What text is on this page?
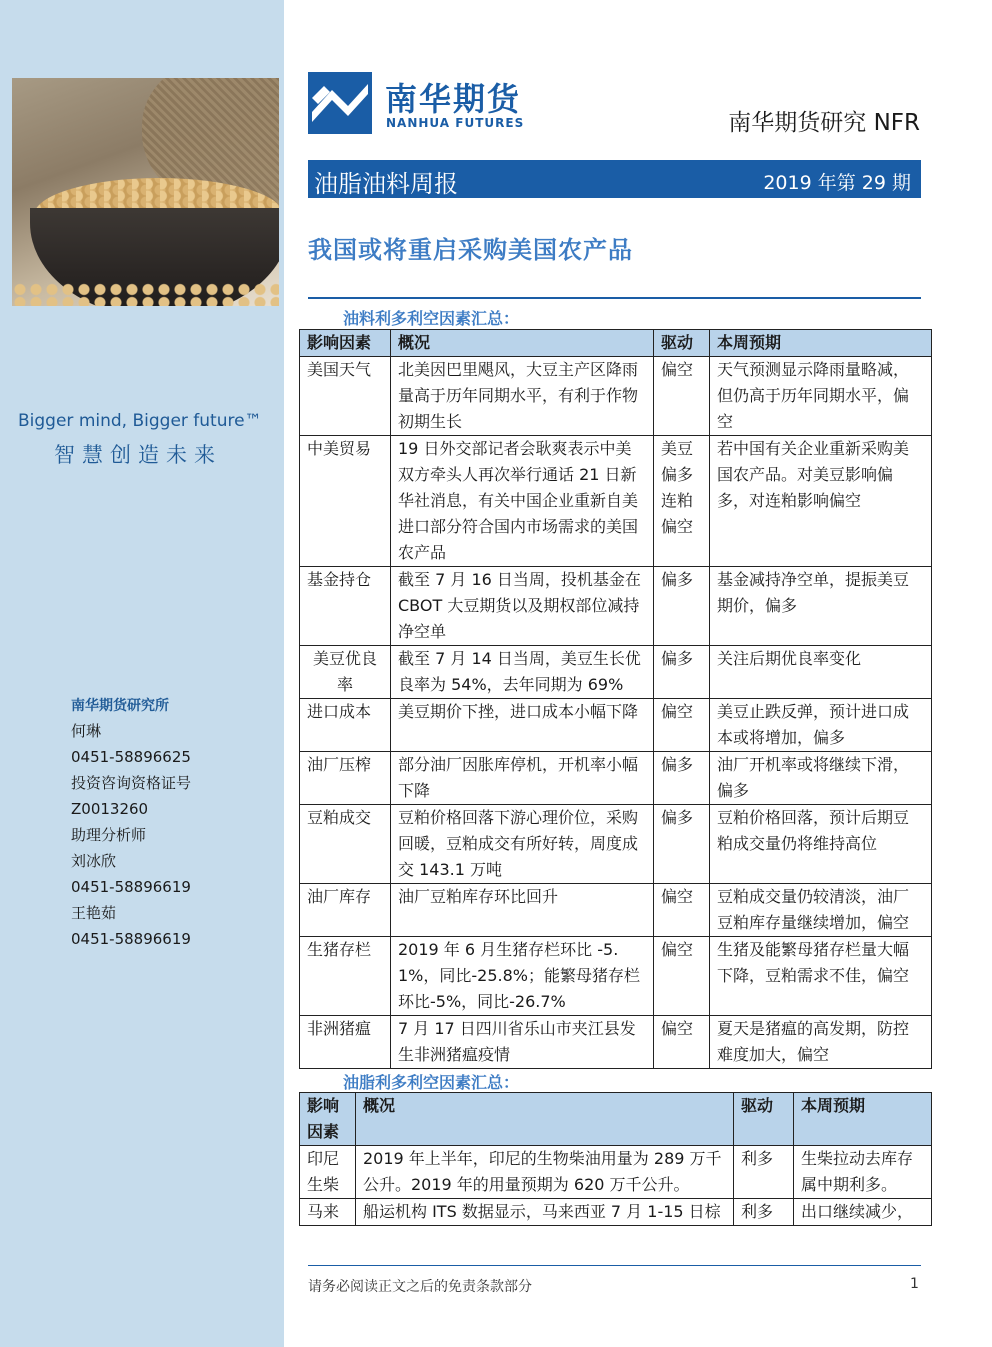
Bigger mind, Bigger future™
智慧创造未来
南华期货研究所
何琳
0451-58896625
投资咨询资格证号
Z0013260
助理分析师
刘冰欣
0451-58896619
王艳茹
0451-58896619
南华期货
NANHUA FUTURES	南华期货研究 NFR
油脂油料周报	2019 年第 29 期
我国或将重启采购美国农产品
油料利多利空因素汇总：
影响因素	概况	驱动	本周预期
美国天气	北美因巴里飓风，大豆主产区降雨量高于历年同期水平，有利于作物初期生长	偏空	天气预测显示降雨量略减，但仍高于历年同期水平，偏空
中美贸易	19 日外交部记者会耿爽表示中美双方牵头人再次举行通话 21 日新华社消息，有关中国企业重新自美进口部分符合国内市场需求的美国农产品	美豆偏多连粕偏空	若中国有关企业重新采购美国农产品。对美豆影响偏多，对连粕影响偏空
基金持仓	截至 7 月 16 日当周，投机基金在 CBOT 大豆期货以及期权部位减持净空单	偏多	基金减持净空单，提振美豆期价，偏多
美豆优良率	截至 7 月 14 日当周，美豆生长优良率为 54%，去年同期为 69%	偏多	关注后期优良率变化
进口成本	美豆期价下挫，进口成本小幅下降	偏空	美豆止跌反弹，预计进口成本或将增加，偏多
油厂压榨	部分油厂因胀库停机，开机率小幅下降	偏多	油厂开机率或将继续下滑，偏多
豆粕成交	豆粕价格回落下游心理价位，采购回暖，豆粕成交有所好转，周度成交 143.1 万吨	偏多	豆粕价格回落，预计后期豆粕成交量仍将维持高位
油厂库存	油厂豆粕库存环比回升	偏空	豆粕成交量仍较清淡，油厂豆粕库存量继续增加，偏空
生猪存栏	2019 年 6 月生猪存栏环比 -5.1%，同比-25.8%；能繁母猪存栏环比-5%，同比-26.7%	偏空	生猪及能繁母猪存栏量大幅下降，豆粕需求不佳，偏空
非洲猪瘟	7 月 17 日四川省乐山市夹江县发生非洲猪瘟疫情	偏空	夏天是猪瘟的高发期，防控难度加大，偏空
油脂利多利空因素汇总：
影响因素	概况	驱动	本周预期
印尼生柴	2019 年上半年，印尼的生物柴油用量为 289 万千公升。2019 年的用量预期为 620 万千公升。	利多	生柴拉动去库存属中期利多。
马来	船运机构 ITS 数据显示，马来西亚 7 月 1-15 日棕	利多	出口继续减少，
请务必阅读正文之后的免责条款部分	1
